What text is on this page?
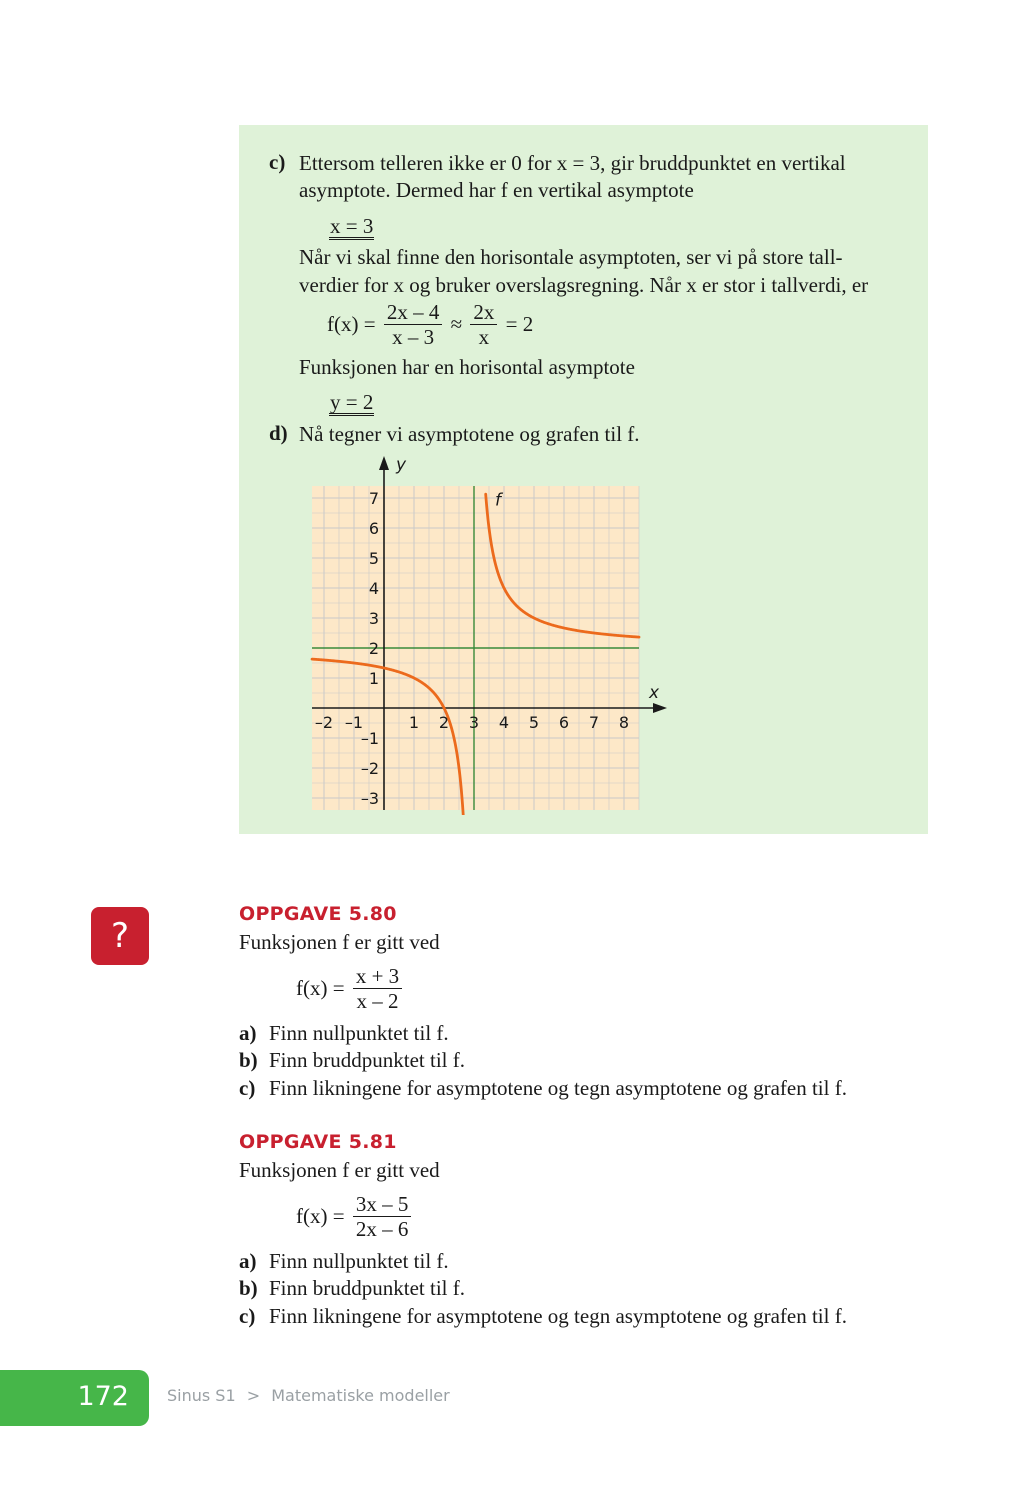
c) Ettersom telleren ikke er 0 for x = 3, gir bruddpunktet en vertikal
asymptote. Dermed har f en vertikal asymptote
x = 3
Når vi skal finne den horisontale asymptoten, ser vi på store tall-
verdier for x og bruker overslagsregning. Når x er stor i tallverdi, er
$f(x) = \frac{2x - 4}{x - 3} \approx \frac{2x}{x} = 2$
Funksjonen har en horisontal asymptote
y = 2
d) Nå tegner vi asymptotene og grafen til f.
–2 –1	1 2 3 4 5 6 7 8
7
6
5
4
3
2
1
–1
–2
–3
x
y
f
?
OPPGAVE 5.80
Funksjonen f er gitt ved
$f(x) = \frac{x + 3}{x - 2}$
a) Finn nullpunktet til f.
b) Finn bruddpunktet til f.
c) Finn likningene for asymptotene og tegn asymptotene og grafen til f.
OPPGAVE 5.81
Funksjonen f er gitt ved
$f(x) = \frac{3x - 5}{2x - 6}$
a) Finn nullpunktet til f.
b) Finn bruddpunktet til f.
c) Finn likningene for asymptotene og tegn asymptotene og grafen til f.
172 Sinus S1 > Matematiske modeller
